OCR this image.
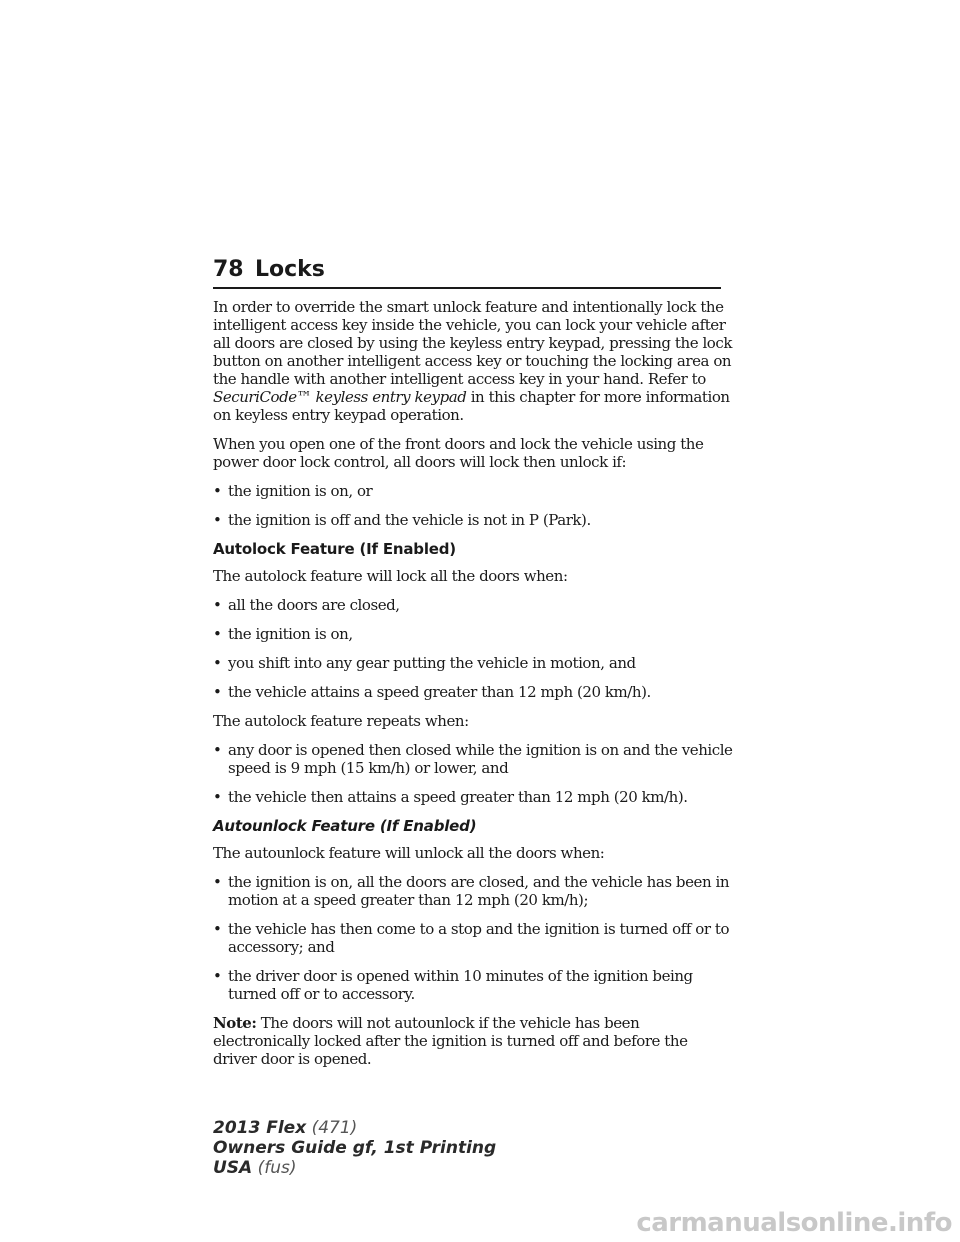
78 Locks

In order to override the smart unlock feature and intentionally lock the intelligent access key inside the vehicle, you can lock your vehicle after all doors are closed by using the keyless entry keypad, pressing the lock button on another intelligent access key or touching the locking area on the handle with another intelligent access key in your hand. Refer to SecuriCode™ keyless entry keypad in this chapter for more information on keyless entry keypad operation.

When you open one of the front doors and lock the vehicle using the power door lock control, all doors will lock then unlock if:

• the ignition is on, or
• the ignition is off and the vehicle is not in P (Park).
Autolock Feature (If Enabled)

The autolock feature will lock all the doors when:

• all the doors are closed,
• the ignition is on,
• you shift into any gear putting the vehicle in motion, and
• the vehicle attains a speed greater than 12 mph (20 km/h).

The autolock feature repeats when:

• any door is opened then closed while the ignition is on and the vehicle speed is 9 mph (15 km/h) or lower, and
• the vehicle then attains a speed greater than 12 mph (20 km/h).
Autounlock Feature (If Enabled)

The autounlock feature will unlock all the doors when:

• the ignition is on, all the doors are closed, and the vehicle has been in motion at a speed greater than 12 mph (20 km/h);
• the vehicle has then come to a stop and the ignition is turned off or to accessory; and
• the driver door is opened within 10 minutes of the ignition being turned off or to accessory.

Note: The doors will not autounlock if the vehicle has been electronically locked after the ignition is turned off and before the driver door is opened.

2013 Flex (471)
Owners Guide gf, 1st Printing
USA (fus)
carmanualsonline.info
